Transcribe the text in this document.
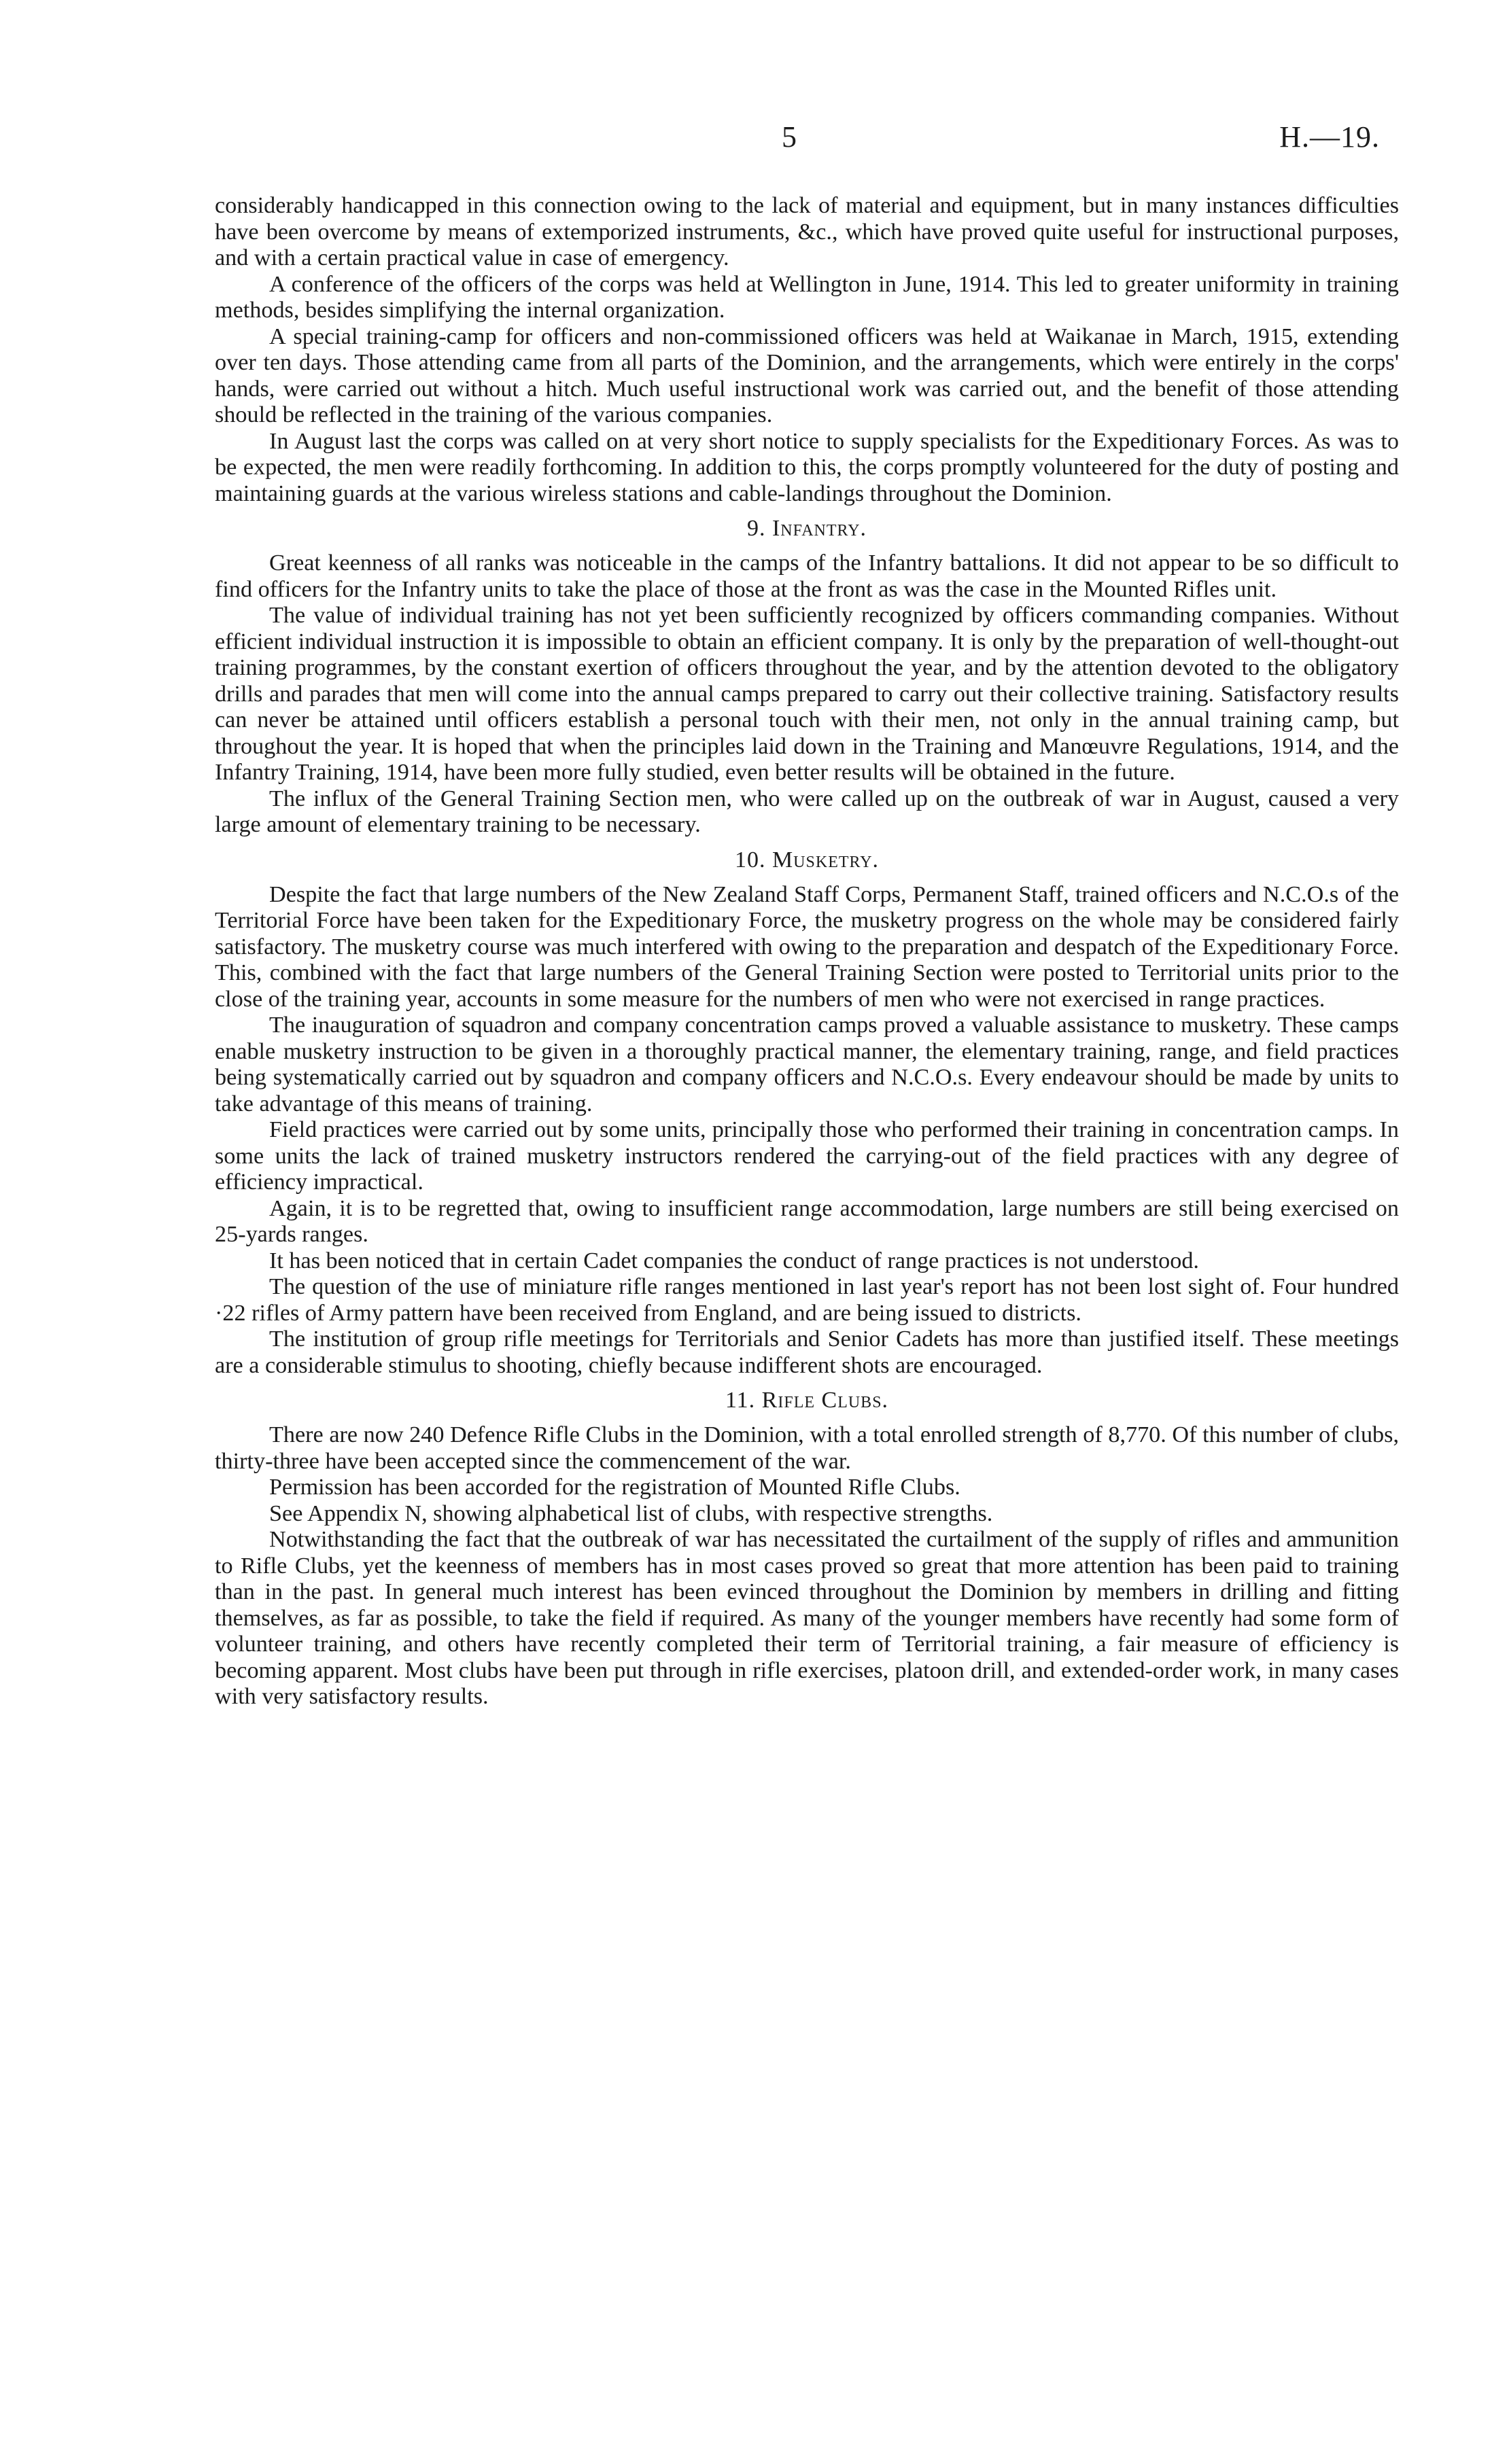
5	H.—19.

considerably handicapped in this connection owing to the lack of material and equipment, but in many instances difficulties have been overcome by means of extemporized instruments, &c., which have proved quite useful for instructional purposes, and with a certain practical value in case of emergency.

A conference of the officers of the corps was held at Wellington in June, 1914. This led to greater uniformity in training methods, besides simplifying the internal organization.

A special training-camp for officers and non-commissioned officers was held at Waikanae in March, 1915, extending over ten days. Those attending came from all parts of the Dominion, and the arrangements, which were entirely in the corps' hands, were carried out without a hitch. Much useful instructional work was carried out, and the benefit of those attending should be reflected in the training of the various companies.

In August last the corps was called on at very short notice to supply specialists for the Expeditionary Forces. As was to be expected, the men were readily forthcoming. In addition to this, the corps promptly volunteered for the duty of posting and maintaining guards at the various wireless stations and cable-landings throughout the Dominion.

9. Infantry.

Great keenness of all ranks was noticeable in the camps of the Infantry battalions. It did not appear to be so difficult to find officers for the Infantry units to take the place of those at the front as was the case in the Mounted Rifles unit.

The value of individual training has not yet been sufficiently recognized by officers commanding companies. Without efficient individual instruction it is impossible to obtain an efficient company. It is only by the preparation of well-thought-out training programmes, by the constant exertion of officers throughout the year, and by the attention devoted to the obligatory drills and parades that men will come into the annual camps prepared to carry out their collective training. Satisfactory results can never be attained until officers establish a personal touch with their men, not only in the annual training camp, but throughout the year. It is hoped that when the principles laid down in the Training and Manœuvre Regulations, 1914, and the Infantry Training, 1914, have been more fully studied, even better results will be obtained in the future.

The influx of the General Training Section men, who were called up on the outbreak of war in August, caused a very large amount of elementary training to be necessary.

10. Musketry.

Despite the fact that large numbers of the New Zealand Staff Corps, Permanent Staff, trained officers and N.C.O.s of the Territorial Force have been taken for the Expeditionary Force, the musketry progress on the whole may be considered fairly satisfactory. The musketry course was much interfered with owing to the preparation and despatch of the Expeditionary Force. This, combined with the fact that large numbers of the General Training Section were posted to Territorial units prior to the close of the training year, accounts in some measure for the numbers of men who were not exercised in range practices.

The inauguration of squadron and company concentration camps proved a valuable assistance to musketry. These camps enable musketry instruction to be given in a thoroughly practical manner, the elementary training, range, and field practices being systematically carried out by squadron and company officers and N.C.O.s. Every endeavour should be made by units to take advantage of this means of training.

Field practices were carried out by some units, principally those who performed their training in concentration camps. In some units the lack of trained musketry instructors rendered the carrying-out of the field practices with any degree of efficiency impractical.

Again, it is to be regretted that, owing to insufficient range accommodation, large numbers are still being exercised on 25-yards ranges.

It has been noticed that in certain Cadet companies the conduct of range practices is not understood.

The question of the use of miniature rifle ranges mentioned in last year's report has not been lost sight of. Four hundred ·22 rifles of Army pattern have been received from England, and are being issued to districts.

The institution of group rifle meetings for Territorials and Senior Cadets has more than justified itself. These meetings are a considerable stimulus to shooting, chiefly because indifferent shots are encouraged.

11. Rifle Clubs.

There are now 240 Defence Rifle Clubs in the Dominion, with a total enrolled strength of 8,770. Of this number of clubs, thirty-three have been accepted since the commencement of the war.

Permission has been accorded for the registration of Mounted Rifle Clubs.

See Appendix N, showing alphabetical list of clubs, with respective strengths.

Notwithstanding the fact that the outbreak of war has necessitated the curtailment of the supply of rifles and ammunition to Rifle Clubs, yet the keenness of members has in most cases proved so great that more attention has been paid to training than in the past. In general much interest has been evinced throughout the Dominion by members in drilling and fitting themselves, as far as possible, to take the field if required. As many of the younger members have recently had some form of volunteer training, and others have recently completed their term of Territorial training, a fair measure of efficiency is becoming apparent. Most clubs have been put through in rifle exercises, platoon drill, and extended-order work, in many cases with very satisfactory results.
